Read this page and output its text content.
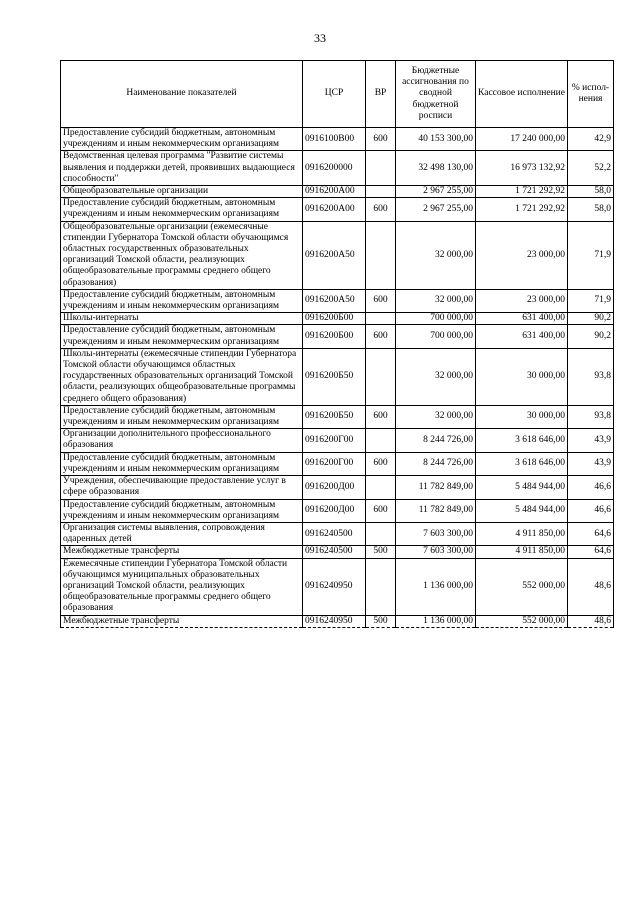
33
Наименование показателей	ЦСР	ВР	Бюджетные ассигнования по сводной бюджетной росписи	Кассовое исполнение	% испол-нения
Предоставление субсидий бюджетным, автономным учреждениям и иным некоммерческим организациям	0916100В00	600	40 153 300,00	17 240 000,00	42,9
Ведомственная целевая программа "Развитие системы выявления и поддержки детей, проявивших выдающиеся способности"	0916200000		32 498 130,00	16 973 132,92	52,2
Общеобразовательные организации	0916200А00		2 967 255,00	1 721 292,92	58,0
Предоставление субсидий бюджетным, автономным учреждениям и иным некоммерческим организациям	0916200А00	600	2 967 255,00	1 721 292,92	58,0
Общеобразовательные организации (ежемесячные стипендии Губернатора Томской области обучающимся областных государственных образовательных организаций Томской области, реализующих общеобразовательные программы среднего общего образования)	0916200А50		32 000,00	23 000,00	71,9
Предоставление субсидий бюджетным, автономным учреждениям и иным некоммерческим организациям	0916200А50	600	32 000,00	23 000,00	71,9
Школы-интернаты	0916200Б00		700 000,00	631 400,00	90,2
Предоставление субсидий бюджетным, автономным учреждениям и иным некоммерческим организациям	0916200Б00	600	700 000,00	631 400,00	90,2
Школы-интернаты (ежемесячные стипендии Губернатора Томской области обучающимся областных государственных образовательных организаций Томской области, реализующих общеобразовательные программы среднего общего образования)	0916200Б50		32 000,00	30 000,00	93,8
Предоставление субсидий бюджетным, автономным учреждениям и иным некоммерческим организациям	0916200Б50	600	32 000,00	30 000,00	93,8
Организации дополнительного профессионального образования	0916200Г00		8 244 726,00	3 618 646,00	43,9
Предоставление субсидий бюджетным, автономным учреждениям и иным некоммерческим организациям	0916200Г00	600	8 244 726,00	3 618 646,00	43,9
Учреждения, обеспечивающие предоставление услуг в сфере образования	0916200Д00		11 782 849,00	5 484 944,00	46,6
Предоставление субсидий бюджетным, автономным учреждениям и иным некоммерческим организациям	0916200Д00	600	11 782 849,00	5 484 944,00	46,6
Организация системы выявления, сопровождения одаренных детей	0916240500		7 603 300,00	4 911 850,00	64,6
Межбюджетные трансферты	0916240500	500	7 603 300,00	4 911 850,00	64,6
Ежемесячные стипендии Губернатора Томской области обучающимся муниципальных образовательных организаций Томской области, реализующих общеобразовательные программы среднего общего образования	0916240950		1 136 000,00	552 000,00	48,6
Межбюджетные трансферты	0916240950	500	1 136 000,00	552 000,00	48,6
